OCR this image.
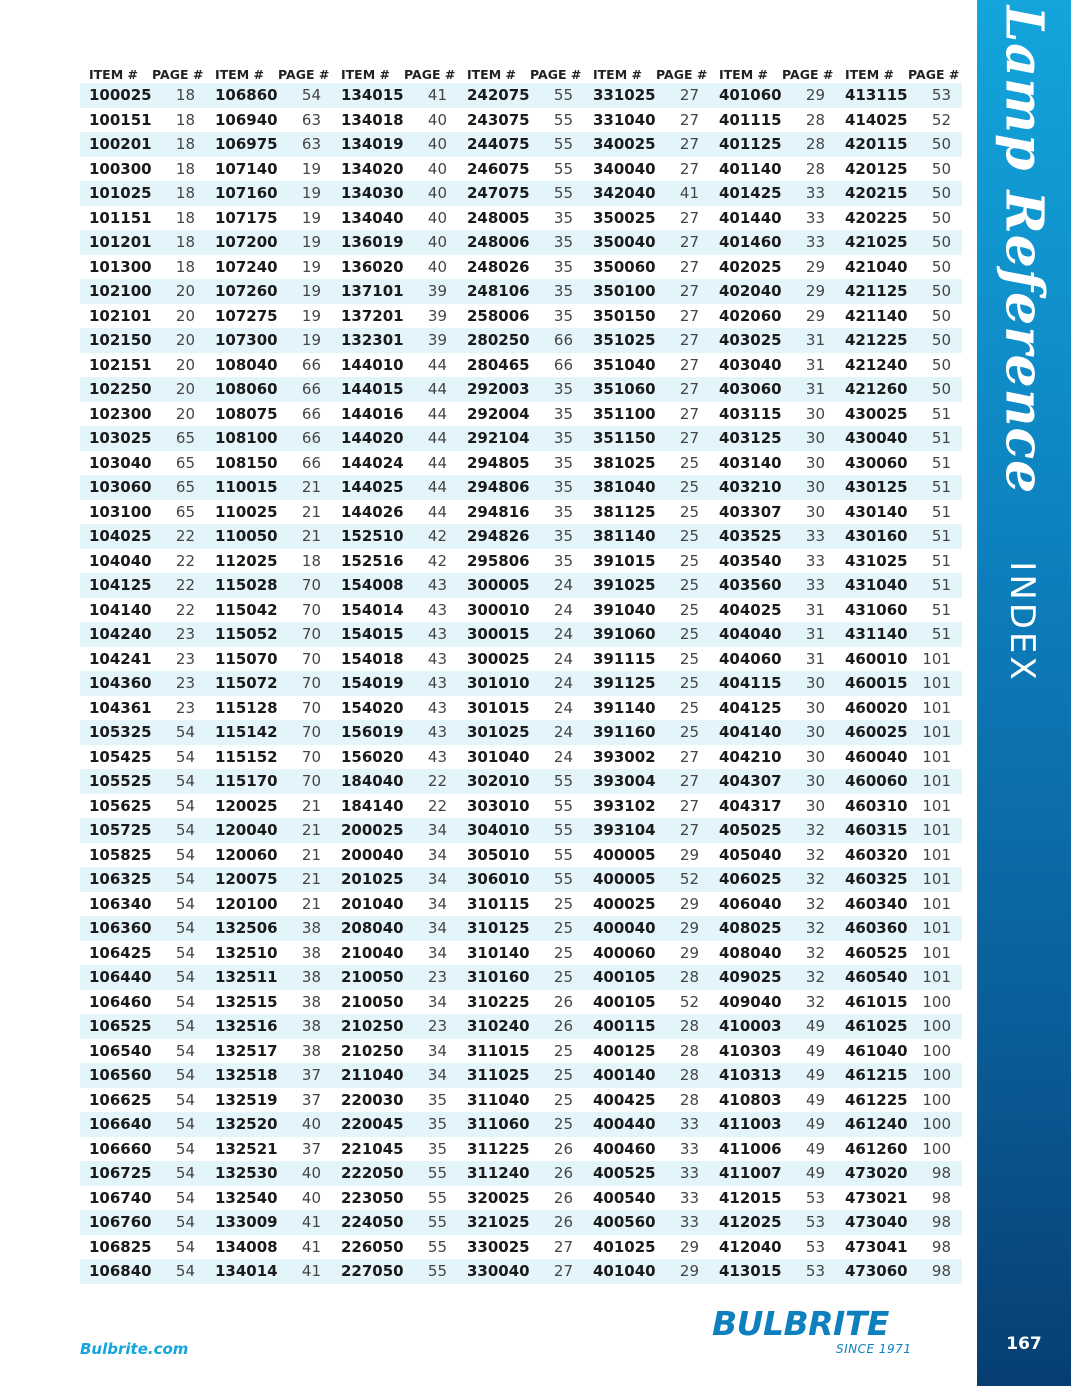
Lamp Reference
INDEX
167
ITEM #	PAGE #	ITEM #	PAGE #	ITEM #	PAGE #	ITEM #	PAGE #	ITEM #	PAGE #	ITEM #	PAGE #	ITEM #	PAGE #
100025	18	106860	54	134015	41	242075	55	331025	27	401060	29	413115	53
100151	18	106940	63	134018	40	243075	55	331040	27	401115	28	414025	52
100201	18	106975	63	134019	40	244075	55	340025	27	401125	28	420115	50
100300	18	107140	19	134020	40	246075	55	340040	27	401140	28	420125	50
101025	18	107160	19	134030	40	247075	55	342040	41	401425	33	420215	50
101151	18	107175	19	134040	40	248005	35	350025	27	401440	33	420225	50
101201	18	107200	19	136019	40	248006	35	350040	27	401460	33	421025	50
101300	18	107240	19	136020	40	248026	35	350060	27	402025	29	421040	50
102100	20	107260	19	137101	39	248106	35	350100	27	402040	29	421125	50
102101	20	107275	19	137201	39	258006	35	350150	27	402060	29	421140	50
102150	20	107300	19	132301	39	280250	66	351025	27	403025	31	421225	50
102151	20	108040	66	144010	44	280465	66	351040	27	403040	31	421240	50
102250	20	108060	66	144015	44	292003	35	351060	27	403060	31	421260	50
102300	20	108075	66	144016	44	292004	35	351100	27	403115	30	430025	51
103025	65	108100	66	144020	44	292104	35	351150	27	403125	30	430040	51
103040	65	108150	66	144024	44	294805	35	381025	25	403140	30	430060	51
103060	65	110015	21	144025	44	294806	35	381040	25	403210	30	430125	51
103100	65	110025	21	144026	44	294816	35	381125	25	403307	30	430140	51
104025	22	110050	21	152510	42	294826	35	381140	25	403525	33	430160	51
104040	22	112025	18	152516	42	295806	35	391015	25	403540	33	431025	51
104125	22	115028	70	154008	43	300005	24	391025	25	403560	33	431040	51
104140	22	115042	70	154014	43	300010	24	391040	25	404025	31	431060	51
104240	23	115052	70	154015	43	300015	24	391060	25	404040	31	431140	51
104241	23	115070	70	154018	43	300025	24	391115	25	404060	31	460010	101
104360	23	115072	70	154019	43	301010	24	391125	25	404115	30	460015	101
104361	23	115128	70	154020	43	301015	24	391140	25	404125	30	460020	101
105325	54	115142	70	156019	43	301025	24	391160	25	404140	30	460025	101
105425	54	115152	70	156020	43	301040	24	393002	27	404210	30	460040	101
105525	54	115170	70	184040	22	302010	55	393004	27	404307	30	460060	101
105625	54	120025	21	184140	22	303010	55	393102	27	404317	30	460310	101
105725	54	120040	21	200025	34	304010	55	393104	27	405025	32	460315	101
105825	54	120060	21	200040	34	305010	55	400005	29	405040	32	460320	101
106325	54	120075	21	201025	34	306010	55	400005	52	406025	32	460325	101
106340	54	120100	21	201040	34	310115	25	400025	29	406040	32	460340	101
106360	54	132506	38	208040	34	310125	25	400040	29	408025	32	460360	101
106425	54	132510	38	210040	34	310140	25	400060	29	408040	32	460525	101
106440	54	132511	38	210050	23	310160	25	400105	28	409025	32	460540	101
106460	54	132515	38	210050	34	310225	26	400105	52	409040	32	461015	100
106525	54	132516	38	210250	23	310240	26	400115	28	410003	49	461025	100
106540	54	132517	38	210250	34	311015	25	400125	28	410303	49	461040	100
106560	54	132518	37	211040	34	311025	25	400140	28	410313	49	461215	100
106625	54	132519	37	220030	35	311040	25	400425	28	410803	49	461225	100
106640	54	132520	40	220045	35	311060	25	400440	33	411003	49	461240	100
106660	54	132521	37	221045	35	311225	26	400460	33	411006	49	461260	100
106725	54	132530	40	222050	55	311240	26	400525	33	411007	49	473020	98
106740	54	132540	40	223050	55	320025	26	400540	33	412015	53	473021	98
106760	54	133009	41	224050	55	321025	26	400560	33	412025	53	473040	98
106825	54	134008	41	226050	55	330025	27	401025	29	412040	53	473041	98
106840	54	134014	41	227050	55	330040	27	401040	29	413015	53	473060	98
Bulbrite.com
BULBRITE
SINCE 1971
